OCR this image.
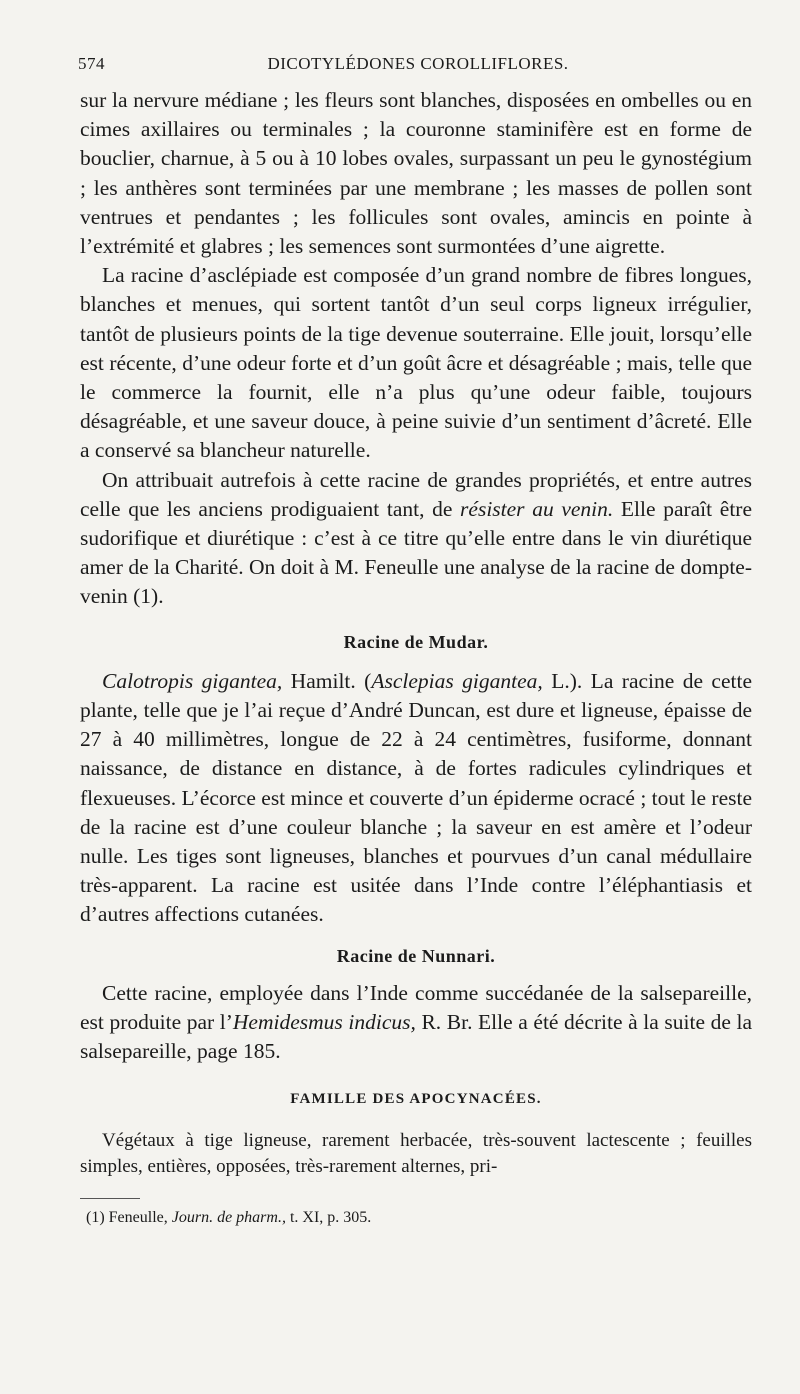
574	DICOTYLÉDONES COROLLIFLORES.

sur la nervure médiane ; les fleurs sont blanches, disposées en ombelles ou en cimes axillaires ou terminales ; la couronne staminifère est en forme de bouclier, charnue, à 5 ou à 10 lobes ovales, surpassant un peu le gynostégium ; les anthères sont terminées par une membrane ; les masses de pollen sont ventrues et pendantes ; les follicules sont ovales, amincis en pointe à l’extrémité et glabres ; les semences sont surmontées d’une aigrette.

La racine d’asclépiade est composée d’un grand nombre de fibres longues, blanches et menues, qui sortent tantôt d’un seul corps ligneux irrégulier, tantôt de plusieurs points de la tige devenue souterraine. Elle jouit, lorsqu’elle est récente, d’une odeur forte et d’un goût âcre et désagréable ; mais, telle que le commerce la fournit, elle n’a plus qu’une odeur faible, toujours désagréable, et une saveur douce, à peine suivie d’un sentiment d’âcreté. Elle a conservé sa blancheur naturelle.

On attribuait autrefois à cette racine de grandes propriétés, et entre autres celle que les anciens prodiguaient tant, de résister au venin. Elle paraît être sudorifique et diurétique : c’est à ce titre qu’elle entre dans le vin diurétique amer de la Charité. On doit à M. Feneulle une analyse de la racine de dompte-venin (1).

Racine de Mudar.

Calotropis gigantea, Hamilt. (Asclepias gigantea, L.). La racine de cette plante, telle que je l’ai reçue d’André Duncan, est dure et ligneuse, épaisse de 27 à 40 millimètres, longue de 22 à 24 centimètres, fusiforme, donnant naissance, de distance en distance, à de fortes radicules cylindriques et flexueuses. L’écorce est mince et couverte d’un épiderme ocracé ; tout le reste de la racine est d’une couleur blanche ; la saveur en est amère et l’odeur nulle. Les tiges sont ligneuses, blanches et pourvues d’un canal médullaire très-apparent. La racine est usitée dans l’Inde contre l’éléphantiasis et d’autres affections cutanées.

Racine de Nunnari.

Cette racine, employée dans l’Inde comme succédanée de la salsepareille, est produite par l’Hemidesmus indicus, R. Br. Elle a été décrite à la suite de la salsepareille, page 185.

FAMILLE DES APOCYNACÉES.

Végétaux à tige ligneuse, rarement herbacée, très-souvent lactescente ; feuilles simples, entières, opposées, très-rarement alternes, pri-

(1) Feneulle, Journ. de pharm., t. XI, p. 305.
